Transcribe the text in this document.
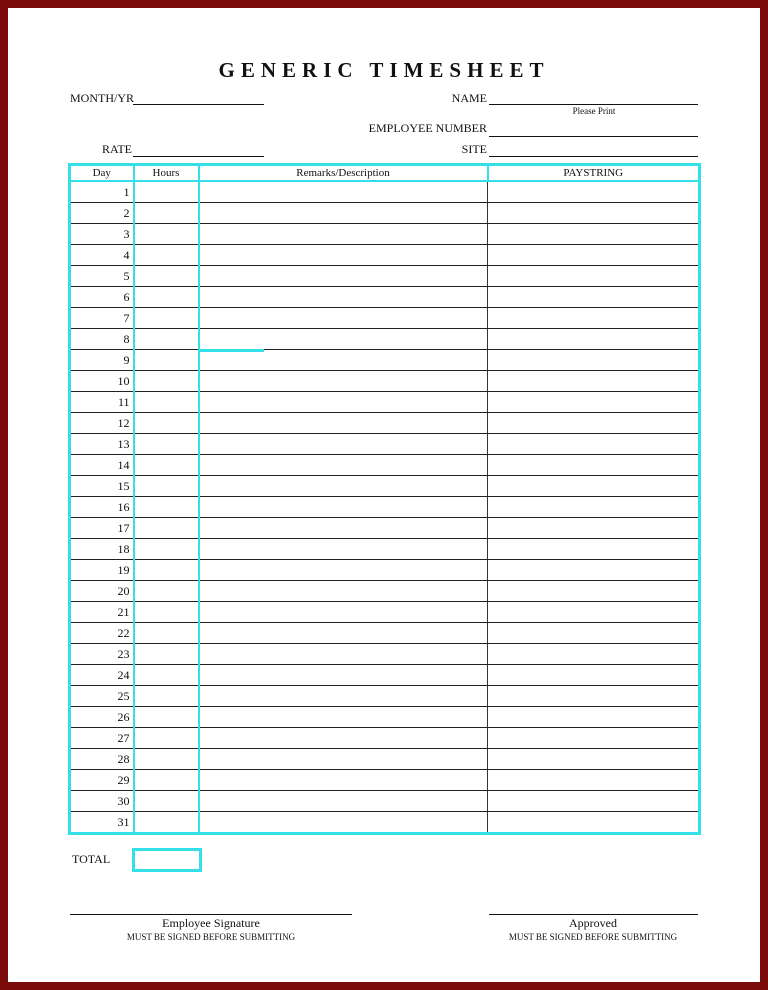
GENERIC TIMESHEET
MONTH/YR	NAME
Please Print
EMPLOYEE NUMBER
RATE	SITE
Day	Hours	Remarks/Description	PAYSTRING
1			
2			
3			
4			
5			
6			
7			
8			
9			
10			
11			
12			
13			
14			
15			
16			
17			
18			
19			
20			
21			
22			
23			
24			
25			
26			
27			
28			
29			
30			
31			
TOTAL
Employee Signature
MUST BE SIGNED BEFORE SUBMITTING
Approved
MUST BE SIGNED BEFORE SUBMITTING
